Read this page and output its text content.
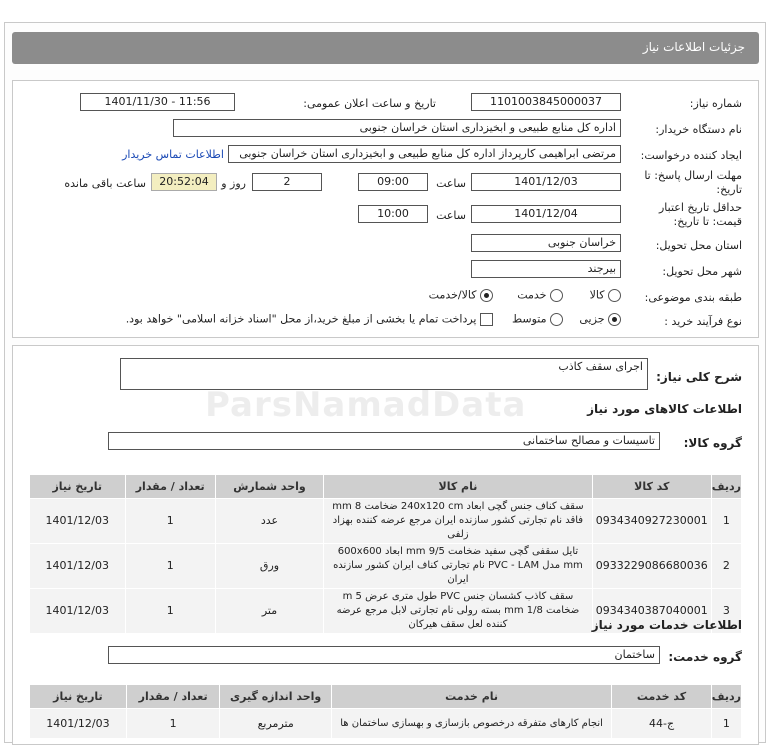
جزئیات اطلاعات نیاز
شماره نیاز:
1101003845000037
تاریخ و ساعت اعلان عمومی:
1401/11/30 - 11:56
نام دستگاه خریدار:
اداره کل منابع طبیعی و ابخیزداری استان خراسان جنوبی
ایجاد کننده درخواست:
مرتضی ابراهیمی کارپرداز اداره کل منابع طبیعی و ابخیزداری استان خراسان جنوبی
اطلاعات تماس خریدار
مهلت ارسال پاسخ: تا
تاریخ:
1401/12/03
ساعت
09:00
2
روز و
20:52:04
ساعت باقی مانده
حداقل تاریخ اعتبار
قیمت: تا تاریخ:
1401/12/04
ساعت
10:00
استان محل تحویل:
خراسان جنوبی
شهر محل تحویل:
بیرجند
طبقه بندی موضوعی:
کالا
خدمت
کالا/خدمت
نوع فرآیند خرید :
جزیی
متوسط
پرداخت تمام یا بخشی از مبلغ خرید،از محل "اسناد خزانه اسلامی" خواهد بود.
شرح کلی نیاز:
اجرای سقف کاذب
اطلاعات کالاهای مورد نیاز
گروه کالا:
تاسیسات و مصالح ساختمانی
ردیف	کد کالا	نام کالا	واحد شمارش	تعداد / مقدار	تاریخ نیاز
1	0934340927230001	سقف کناف جنس گچی ابعاد 240x120 cm ضخامت 8 mm فاقد نام تجارتی کشور سازنده ایران مرجع عرضه کننده بهزاد زلفی	عدد	1	1401/12/03
2	0933229086680036	تایل سقفی گچی سفید ضخامت 9/5 mm ابعاد 600x600 mm مدل PVC - LAM نام تجارتی کناف ایران کشور سازنده ایران	ورق	1	1401/12/03
3	0934340387040001	سقف کاذب کشسان جنس PVC طول متری عرض 5 m ضخامت 1/8 mm بسته رولی نام تجارتی لابل مرجع عرضه کننده لعل سقف هیرکان	متر	1	1401/12/03
اطلاعات خدمات مورد نیاز
گروه خدمت:
ساختمان
ردیف	کد خدمت	نام خدمت	واحد اندازه گیری	تعداد / مقدار	تاریخ نیاز
1	ج-44	انجام کارهای متفرقه درخصوص بازسازی و بهسازی ساختمان ها	مترمربع	1	1401/12/03
ParsNamadData
